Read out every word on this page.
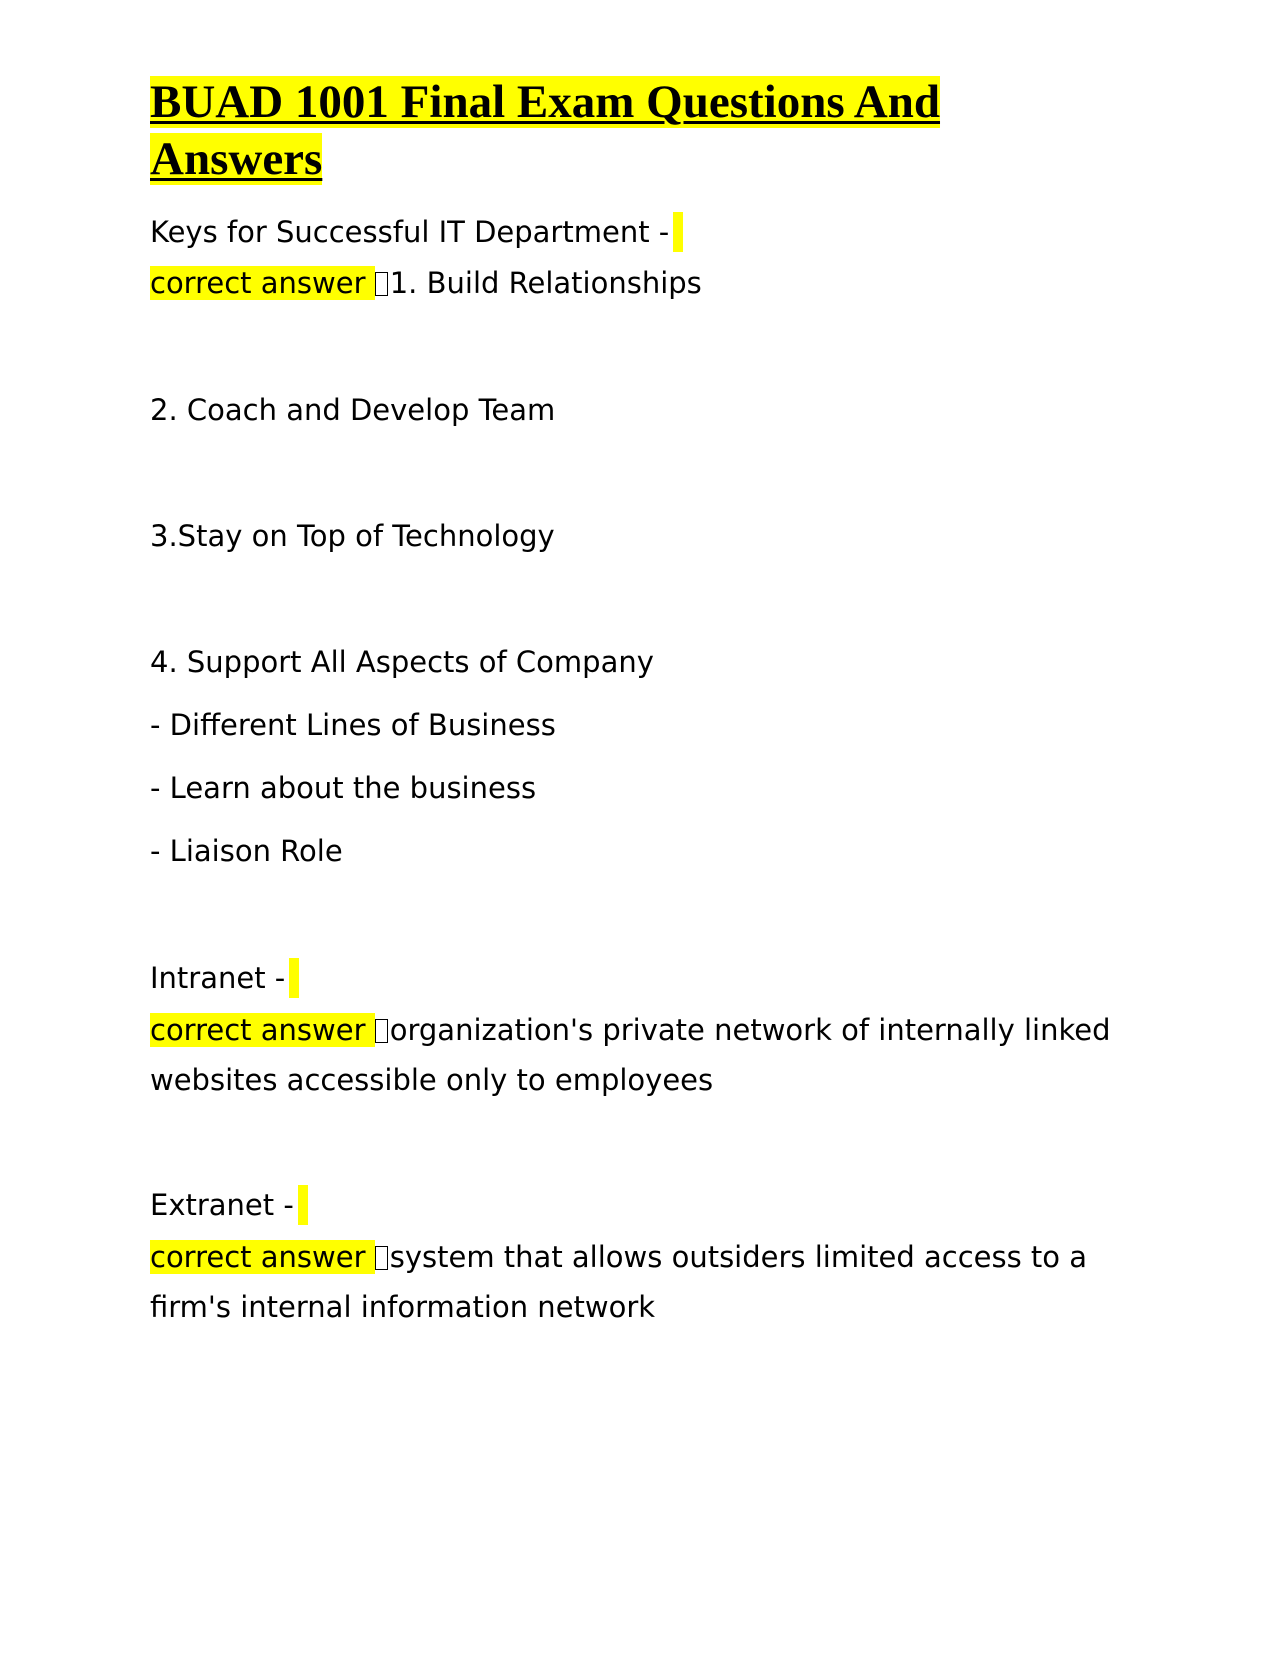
BUAD 1001 Final Exam Questions And Answers

Keys for Successful IT Department -

correct answer 1. Build Relationships

2. Coach and Develop Team

3.Stay on Top of Technology

4. Support All Aspects of Company

- Different Lines of Business

- Learn about the business

- Liaison Role

Intranet -

correct answer organization's private network of internally linked websites accessible only to employees

Extranet -

correct answer system that allows outsiders limited access to a firm's internal information network
